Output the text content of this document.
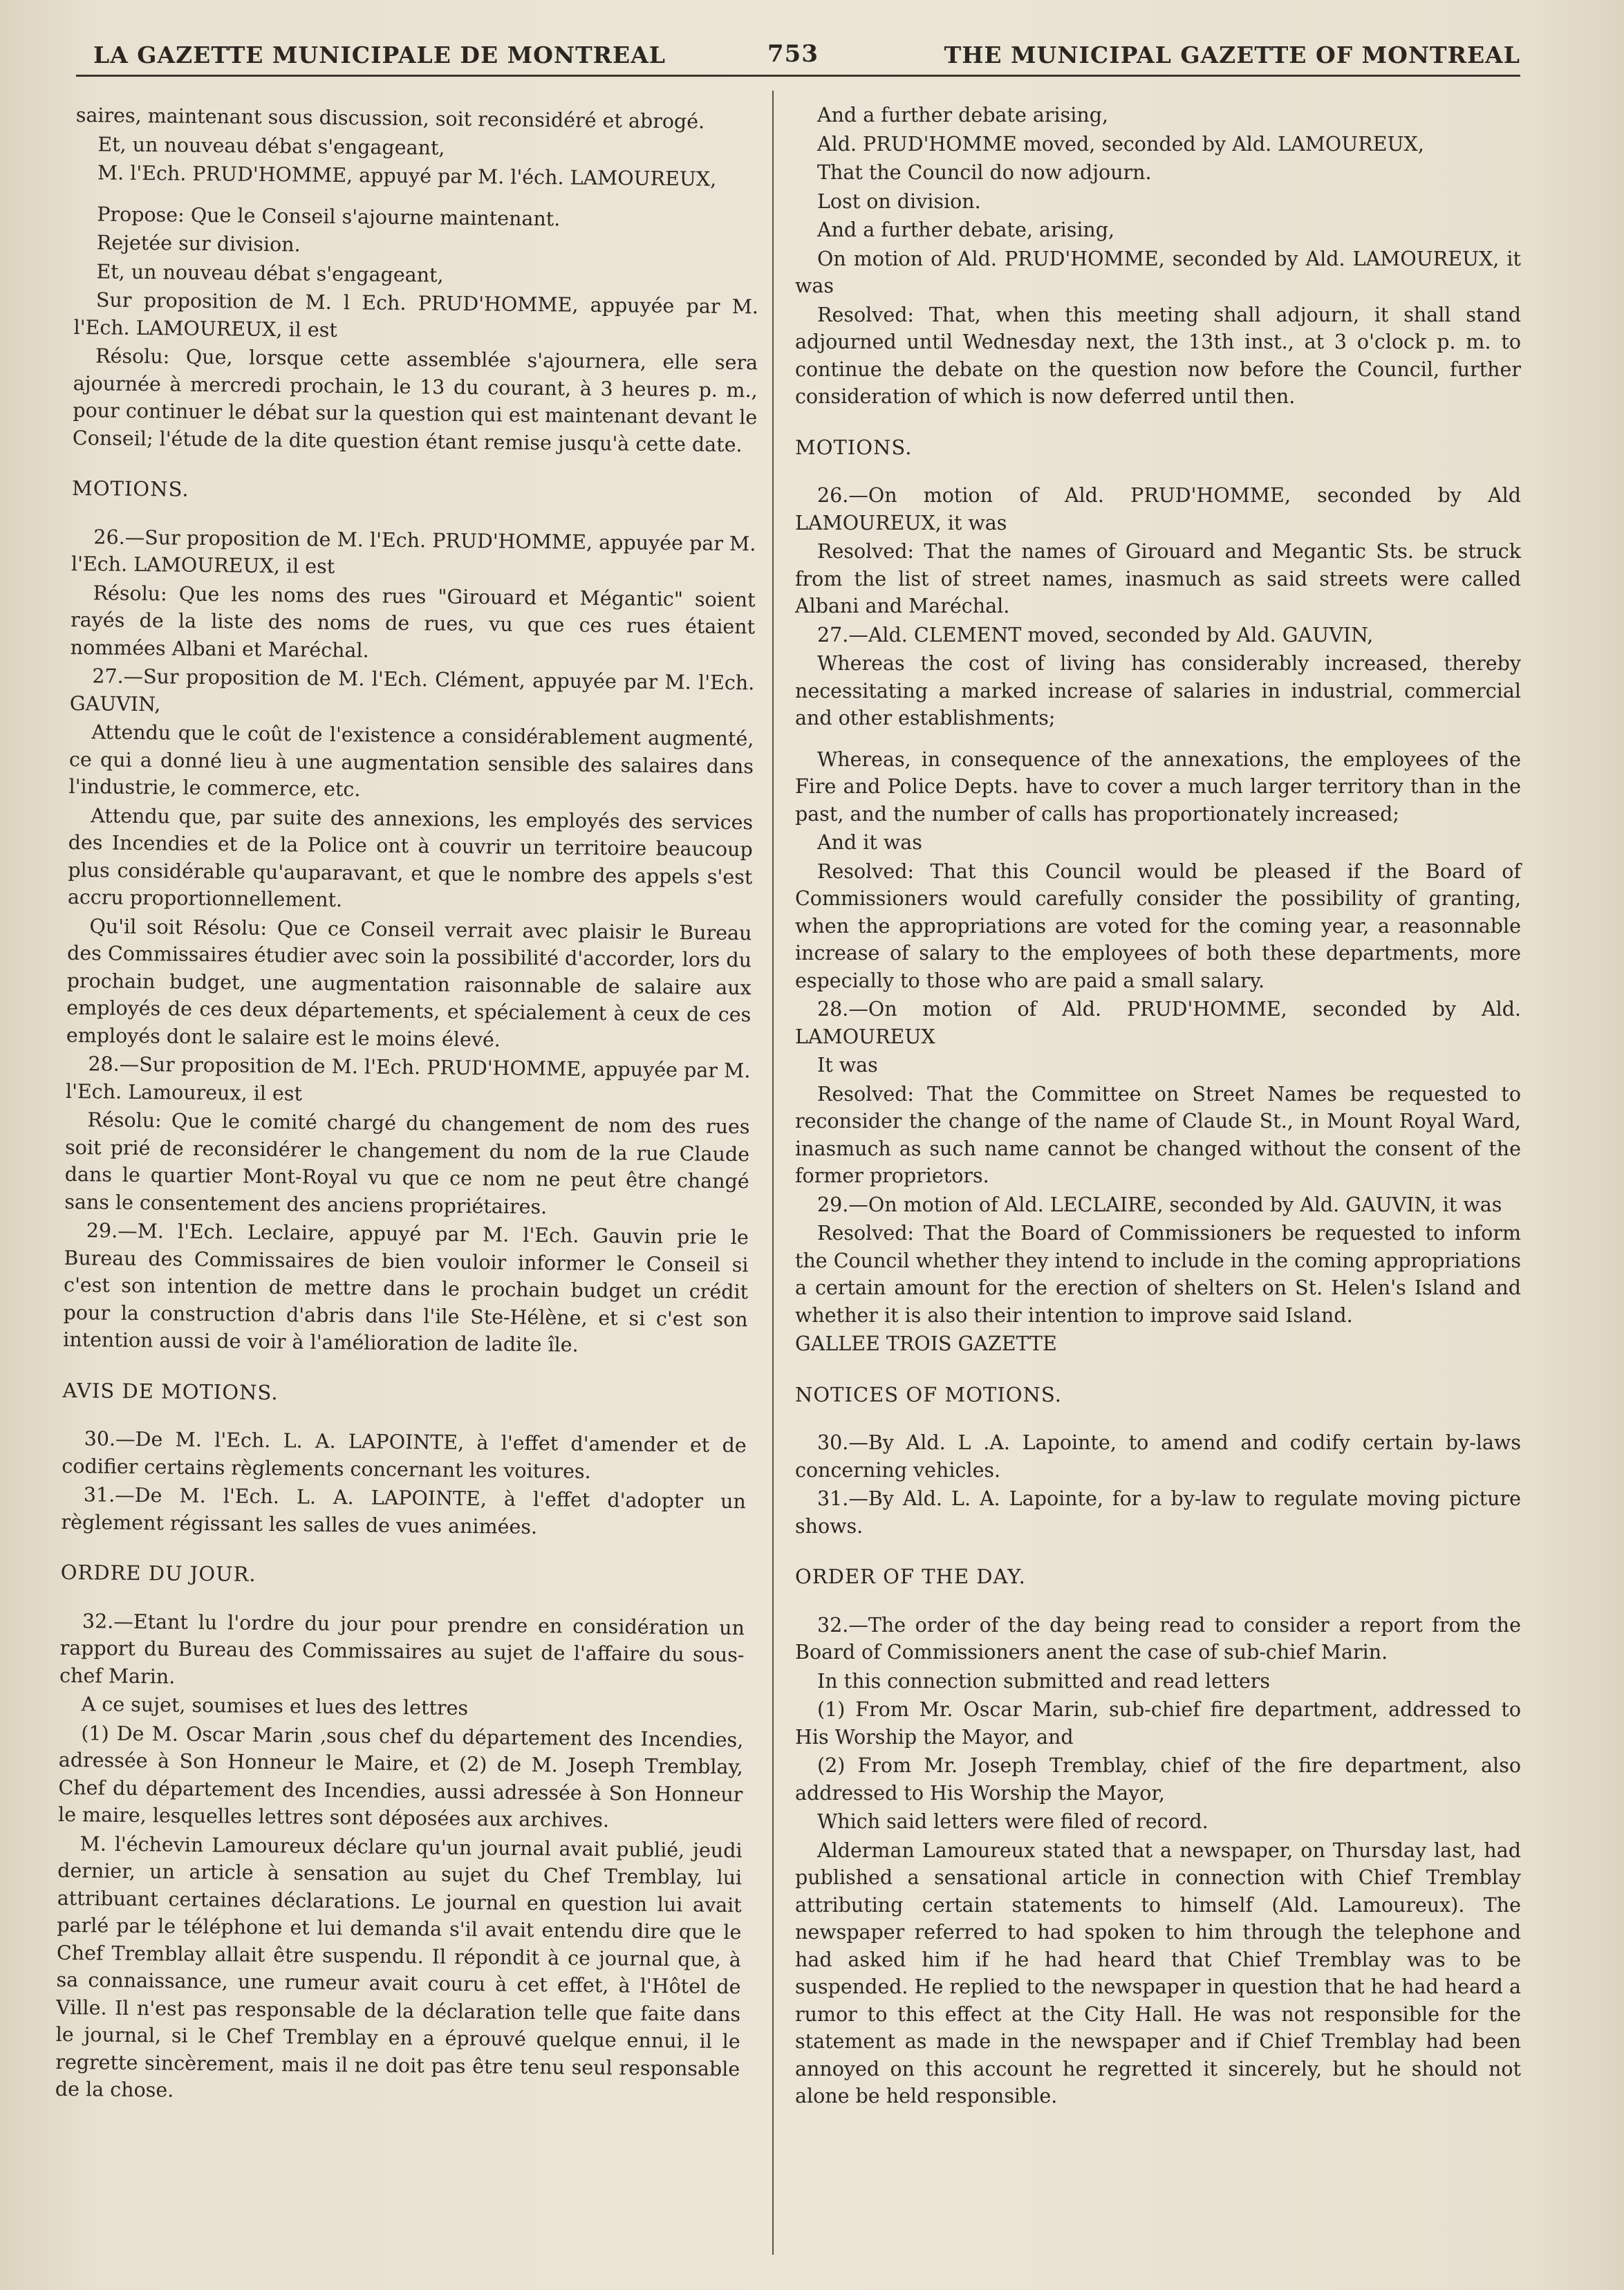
LA GAZETTE MUNICIPALE DE MONTREAL	753	THE MUNICIPAL GAZETTE OF MONTREAL

saires, maintenant sous discussion, soit reconsidéré et abrogé.

Et, un nouveau débat s'engageant,

M. l'Ech. PRUD'HOMME, appuyé par M. l'éch. LAMOUREUX,

Propose: Que le Conseil s'ajourne maintenant.

Rejetée sur division.

Et, un nouveau débat s'engageant,

Sur proposition de M. l Ech. PRUD'HOMME, appuyée par M. l'Ech. LAMOUREUX, il est

Résolu: Que, lorsque cette assemblée s'ajournera, elle sera ajournée à mercredi prochain, le 13 du courant, à 3 heures p. m., pour continuer le débat sur la question qui est maintenant devant le Conseil; l'étude de la dite question étant remise jusqu'à cette date.

MOTIONS.

26.—Sur proposition de M. l'Ech. PRUD'HOMME, appuyée par M. l'Ech. LAMOUREUX, il est

Résolu: Que les noms des rues "Girouard et Mégantic" soient rayés de la liste des noms de rues, vu que ces rues étaient nommées Albani et Maréchal.

27.—Sur proposition de M. l'Ech. Clément, appuyée par M. l'Ech. GAUVIN,

Attendu que le coût de l'existence a considérablement augmenté, ce qui a donné lieu à une augmentation sensible des salaires dans l'industrie, le commerce, etc.

Attendu que, par suite des annexions, les employés des services des Incendies et de la Police ont à couvrir un territoire beaucoup plus considérable qu'auparavant, et que le nombre des appels s'est accru proportionnellement.

Qu'il soit Résolu: Que ce Conseil verrait avec plaisir le Bureau des Commissaires étudier avec soin la possibilité d'accorder, lors du prochain budget, une augmentation raisonnable de salaire aux employés de ces deux départements, et spécialement à ceux de ces employés dont le salaire est le moins élevé.

28.—Sur proposition de M. l'Ech. PRUD'HOMME, appuyée par M. l'Ech. Lamoureux, il est

Résolu: Que le comité chargé du changement de nom des rues soit prié de reconsidérer le changement du nom de la rue Claude dans le quartier Mont-Royal vu que ce nom ne peut être changé sans le consentement des anciens propriétaires.

29.—M. l'Ech. Leclaire, appuyé par M. l'Ech. Gauvin prie le Bureau des Commissaires de bien vouloir informer le Conseil si c'est son intention de mettre dans le prochain budget un crédit pour la construction d'abris dans l'ile Ste-Hélène, et si c'est son intention aussi de voir à l'amélioration de ladite île.

AVIS DE MOTIONS.

30.—De M. l'Ech. L. A. LAPOINTE, à l'effet d'amender et de codifier certains règlements concernant les voitures.

31.—De M. l'Ech. L. A. LAPOINTE, à l'effet d'adopter un règlement régissant les salles de vues animées.

ORDRE DU JOUR.

32.—Etant lu l'ordre du jour pour prendre en considération un rapport du Bureau des Commissaires au sujet de l'affaire du sous-chef Marin.

A ce sujet, soumises et lues des lettres

(1) De M. Oscar Marin ,sous chef du département des Incendies, adressée à Son Honneur le Maire, et (2) de M. Joseph Tremblay, Chef du département des Incendies, aussi adressée à Son Honneur le maire, lesquelles lettres sont déposées aux archives.

M. l'échevin Lamoureux déclare qu'un journal avait publié, jeudi dernier, un article à sensation au sujet du Chef Tremblay, lui attribuant certaines déclarations. Le journal en question lui avait parlé par le téléphone et lui demanda s'il avait entendu dire que le Chef Tremblay allait être suspendu. Il répondit à ce journal que, à sa connaissance, une rumeur avait couru à cet effet, à l'Hôtel de Ville. Il n'est pas responsable de la déclaration telle que faite dans le journal, si le Chef Tremblay en a éprouvé quelque ennui, il le regrette sincèrement, mais il ne doit pas être tenu seul responsable de la chose.

And a further debate arising,

Ald. PRUD'HOMME moved, seconded by Ald. LAMOUREUX,

That the Council do now adjourn.

Lost on division.

And a further debate, arising,

On motion of Ald. PRUD'HOMME, seconded by Ald. LAMOUREUX, it was

Resolved: That, when this meeting shall adjourn, it shall stand adjourned until Wednesday next, the 13th inst., at 3 o'clock p. m. to continue the debate on the question now before the Council, further consideration of which is now deferred until then.

MOTIONS.

26.—On motion of Ald. PRUD'HOMME, seconded by Ald LAMOUREUX, it was

Resolved: That the names of Girouard and Megantic Sts. be struck from the list of street names, inasmuch as said streets were called Albani and Maréchal.

27.—Ald. CLEMENT moved, seconded by Ald. GAUVIN,

Whereas the cost of living has considerably increased, thereby necessitating a marked increase of salaries in industrial, commercial and other establishments;

Whereas, in consequence of the annexations, the employees of the Fire and Police Depts. have to cover a much larger territory than in the past, and the number of calls has proportionately increased;

And it was

Resolved: That this Council would be pleased if the Board of Commissioners would carefully consider the possibility of granting, when the appropriations are voted for the coming year, a reasonnable increase of salary to the employees of both these departments, more especially to those who are paid a small salary.

28.—On motion of Ald. PRUD'HOMME, seconded by Ald. LAMOUREUX

It was

Resolved: That the Committee on Street Names be requested to reconsider the change of the name of Claude St., in Mount Royal Ward, inasmuch as such name cannot be changed without the consent of the former proprietors.

29.—On motion of Ald. LECLAIRE, seconded by Ald. GAUVIN, it was

Resolved: That the Board of Commissioners be requested to inform the Council whether they intend to include in the coming appropriations a certain amount for the erection of shelters on St. Helen's Island and whether it is also their intention to improve said Island.

GALLEE TROIS GAZETTE

NOTICES OF MOTIONS.

30.—By Ald. L .A. Lapointe, to amend and codify certain by-laws concerning vehicles.

31.—By Ald. L. A. Lapointe, for a by-law to regulate moving picture shows.

ORDER OF THE DAY.

32.—The order of the day being read to consider a report from the Board of Commissioners anent the case of sub-chief Marin.

In this connection submitted and read letters

(1) From Mr. Oscar Marin, sub-chief fire department, addressed to His Worship the Mayor, and

(2) From Mr. Joseph Tremblay, chief of the fire department, also addressed to His Worship the Mayor,

Which said letters were filed of record.

Alderman Lamoureux stated that a newspaper, on Thursday last, had published a sensational article in connection with Chief Tremblay attributing certain statements to himself (Ald. Lamoureux). The newspaper referred to had spoken to him through the telephone and had asked him if he had heard that Chief Tremblay was to be suspended. He replied to the newspaper in question that he had heard a rumor to this effect at the City Hall. He was not responsible for the statement as made in the newspaper and if Chief Tremblay had been annoyed on this account he regretted it sincerely, but he should not alone be held responsible.
